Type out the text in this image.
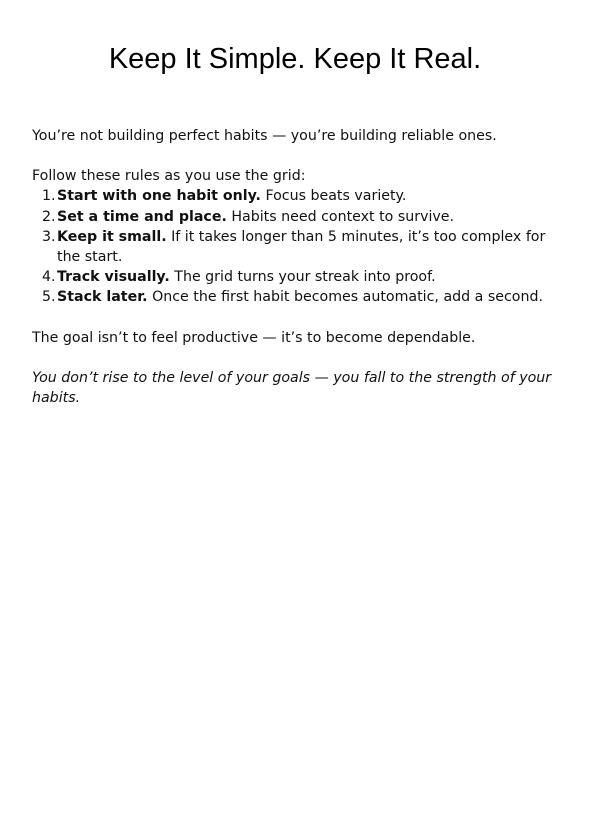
Keep It Simple. Keep It Real.

You’re not building perfect habits — you’re building reliable ones.

Follow these rules as you use the grid:

1. Start with one habit only. Focus beats variety.
2. Set a time and place. Habits need context to survive.
3. Keep it small. If it takes longer than 5 minutes, it’s too complex for the start.
4. Track visually. The grid turns your streak into proof.
5. Stack later. Once the first habit becomes automatic, add a second.

The goal isn’t to feel productive — it’s to become dependable.

You don’t rise to the level of your goals — you fall to the strength of your habits.
